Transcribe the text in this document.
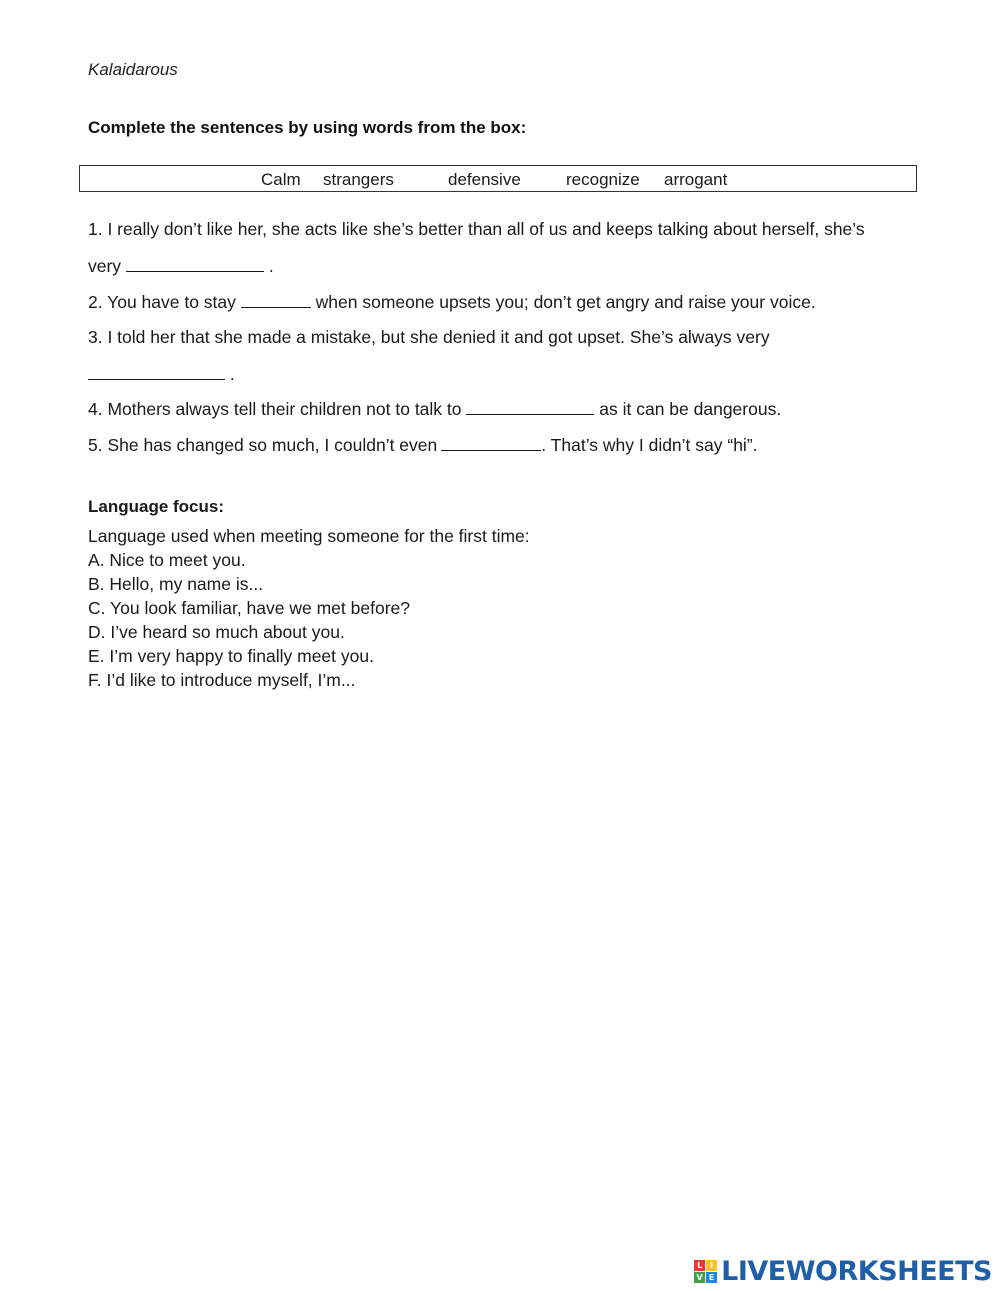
Kalaidarous
Complete the sentences by using words from the box:
Calm strangers	defensive	recognize arrogant
1. I really don’t like her, she acts like she’s better than all of us and keeps talking about herself, she’s
very	.
2. You have to stay	when someone upsets you; don’t get angry and raise your voice.
3. I told her that she made a mistake, but she denied it and got upset. She’s always very
.
4. Mothers always tell their children not to talk to	as it can be dangerous.
5. She has changed so much, I couldn’t even	. That’s why I didn’t say “hi”.
Language focus:
Language used when meeting someone for the first time:
A. Nice to meet you.
B. Hello, my name is...
C. You look familiar, have we met before?
D. I’ve heard so much about you.
E. I’m very happy to finally meet you.
F. I’d like to introduce myself, I’m...
L I
V E LIVEWORKSHEETS
